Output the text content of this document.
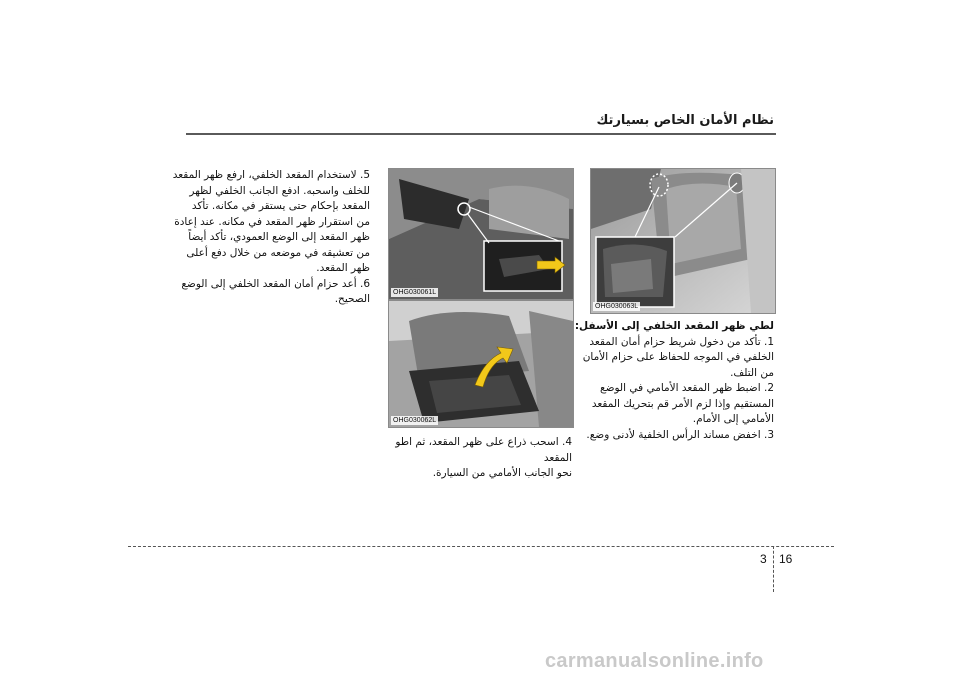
نظام الأمان الخاص بسيارتك
OHG030063L
OHG030061L
OHG030062L

لطي ظهر المقعد الخلفي إلى الأسفل:

1. تأكد من دخول شريط حزام أمان المقعد

الخلفي في الموجه للحفاظ على حزام الأمان

من التلف.

2. اضبط ظهر المقعد الأمامي في الوضع

المستقيم وإذا لزم الأمر قم بتحريك المقعد

الأمامي إلى الأمام.

3. اخفض مساند الرأس الخلفية لأدنى وضع.

4. اسحب ذراع على ظهر المقعد، ثم اطو المقعد

نحو الجانب الأمامي من السيارة.

5. لاستخدام المقعد الخلفي، ارفع ظهر المقعد

للخلف واسحبه. ادفع الجانب الخلفي لظهر

المقعد بإحكام حتى يستقر في مكانه. تأكد

من استقرار ظهر المقعد في مكانه. عند إعادة

ظهر المقعد إلى الوضع العمودي، تأكد أيضاً

من تعشيقه في موضعه من خلال دفع أعلى

ظهر المقعد.

6. أعد حزام أمان المقعد الخلفي إلى الوضع

الصحيح.

3 16
carmanualsonline.info
